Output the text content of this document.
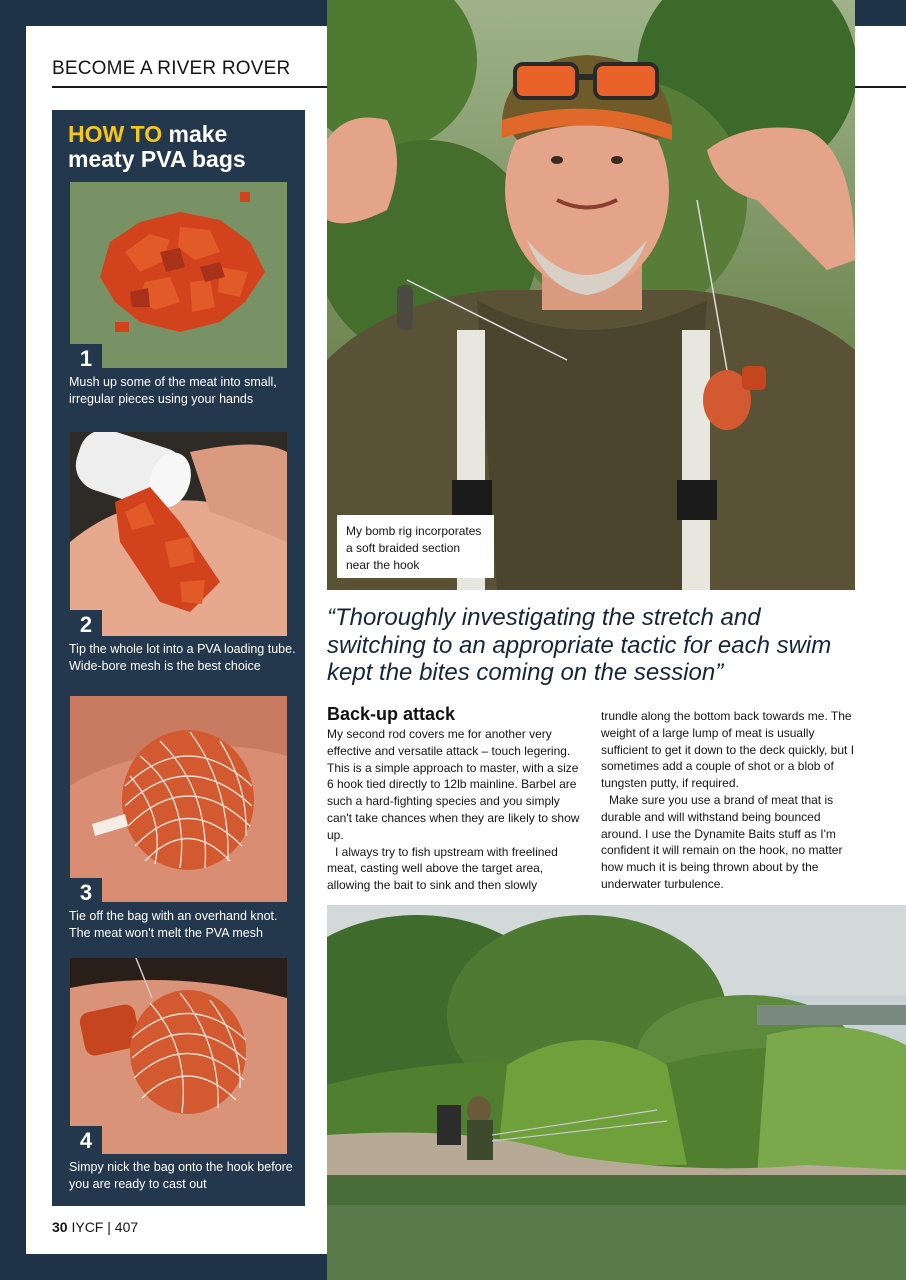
BECOME A RIVER ROVER
HOW TO make
meaty PVA bags
1
Mush up some of the meat into small, irregular pieces using your hands
2
Tip the whole lot into a PVA loading tube. Wide-bore mesh is the best choice
3
Tie off the bag with an overhand knot. The meat won't melt the PVA mesh
4
Simpy nick the bag onto the hook before you are ready to cast out
My bomb rig incorporates a soft braided section near the hook
“Thoroughly investigating the stretch and switching to an appropriate tactic for each swim kept the bites coming on the session”
Back-up attack

My second rod covers me for another very effective and versatile attack – touch legering. This is a simple approach to master, with a size 6 hook tied directly to 12lb mainline. Barbel are such a hard-fighting species and you simply can't take chances when they are likely to show up.

I always try to fish upstream with freelined meat, casting well above the target area, allowing the bait to sink and then slowly

trundle along the bottom back towards me. The weight of a large lump of meat is usually sufficient to get it down to the deck quickly, but I sometimes add a couple of shot or a blob of tungsten putty, if required.

Make sure you use a brand of meat that is durable and will withstand being bounced around. I use the Dynamite Baits stuff as I'm confident it will remain on the hook, no matter how much it is being thrown about by the underwater turbulence.

30 IYCF | 407
